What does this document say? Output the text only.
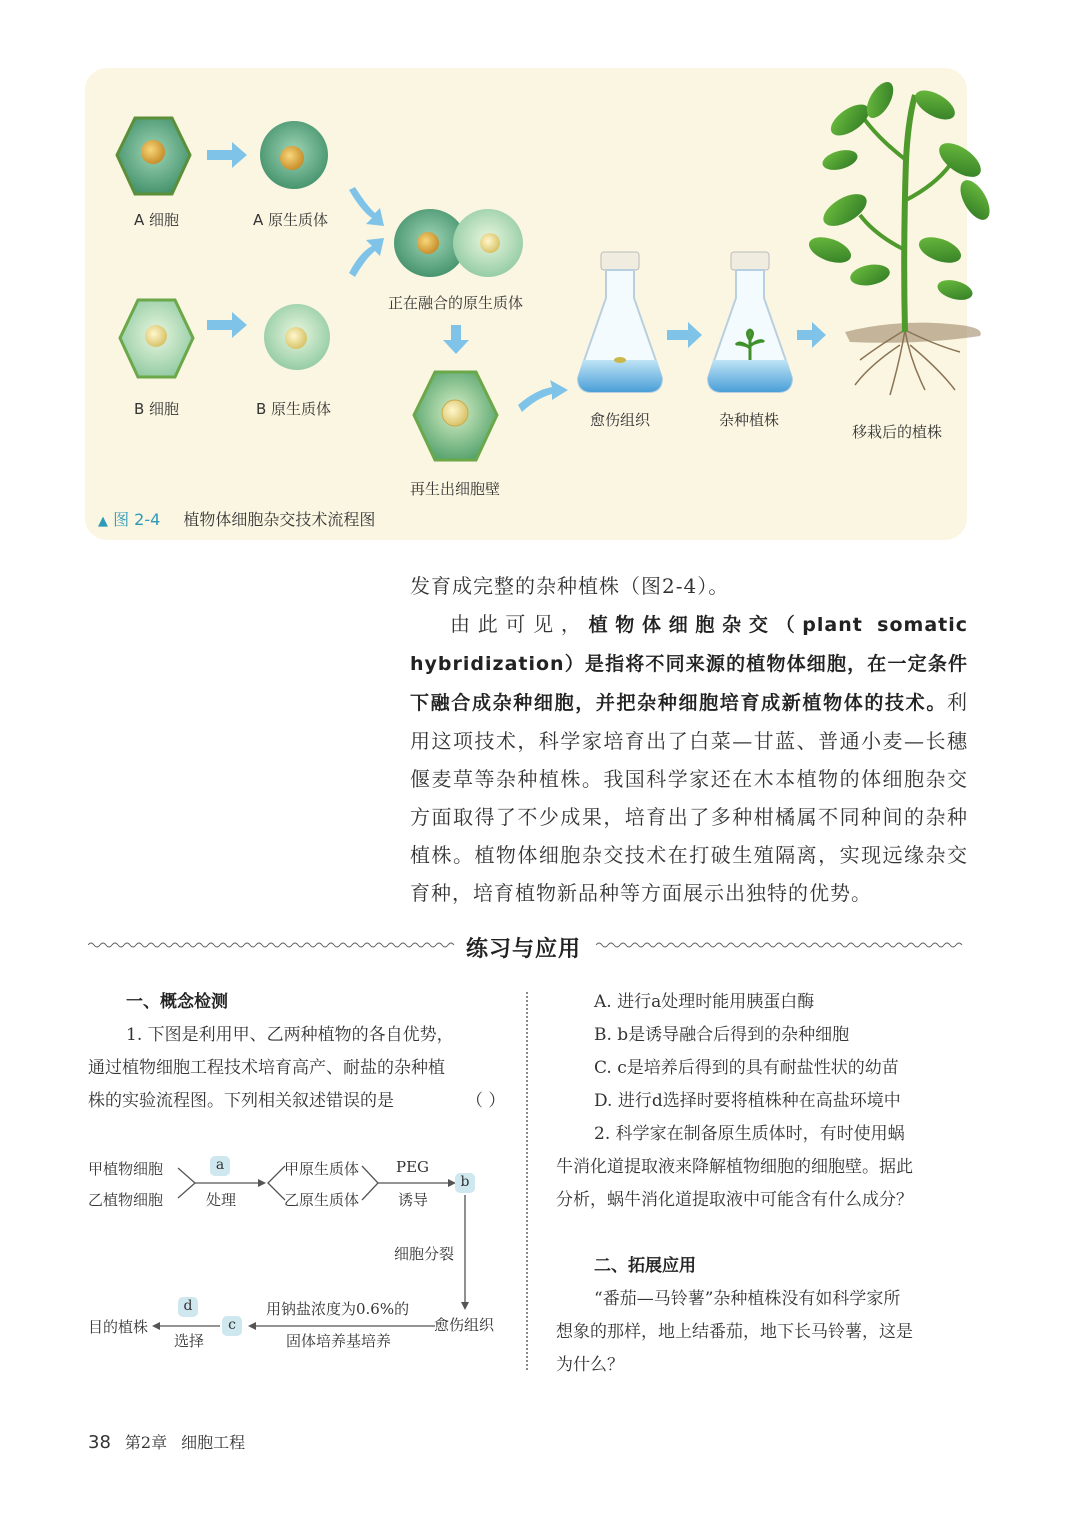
A 细胞	A 原生质体
正在融合的原生质体
B 细胞	B 原生质体
再生出细胞壁
愈伤组织	杂种植株
移栽后的植株
▲ 图 2-4 植物体细胞杂交技术流程图

发育成完整的杂种植株（图2-4）。

由此可见，植物体细胞杂交（plant somatic hybridization）是指将不同来源的植物体细胞，在一定条件下融合成杂种细胞，并把杂种细胞培育成新植物体的技术。利用这项技术，科学家培育出了白菜—甘蓝、普通小麦—长穗偃麦草等杂种植株。我国科学家还在木本植物的体细胞杂交方面取得了不少成果，培育出了多种柑橘属不同种间的杂种植株。植物体细胞杂交技术在打破生殖隔离，实现远缘杂交育种，培育植物新品种等方面展示出独特的优势。

练习与应用
一、概念检测

1. 下图是利用甲、乙两种植物的各自优势，

通过植物细胞工程技术培育高产、耐盐的杂种植

株的实验流程图。下列相关叙述错误的是	（ ）

甲植物细胞
乙植物细胞
a
处理
甲原生质体
乙原生质体
PEG
诱导
b
细胞分裂
愈伤组织
用钠盐浓度为0.6%的
固体培养基培养
c
d
选择
目的植株

A. 进行a处理时能用胰蛋白酶

B. b是诱导融合后得到的杂种细胞

C. c是培养后得到的具有耐盐性状的幼苗

D. 进行d选择时要将植株种在高盐环境中

2. 科学家在制备原生质体时，有时使用蜗

牛消化道提取液来降解植物细胞的细胞壁。据此

分析，蜗牛消化道提取液中可能含有什么成分？

二、拓展应用

“番茄—马铃薯”杂种植株没有如科学家所

想象的那样，地上结番茄，地下长马铃薯，这是

为什么？

38 第2章 细胞工程
